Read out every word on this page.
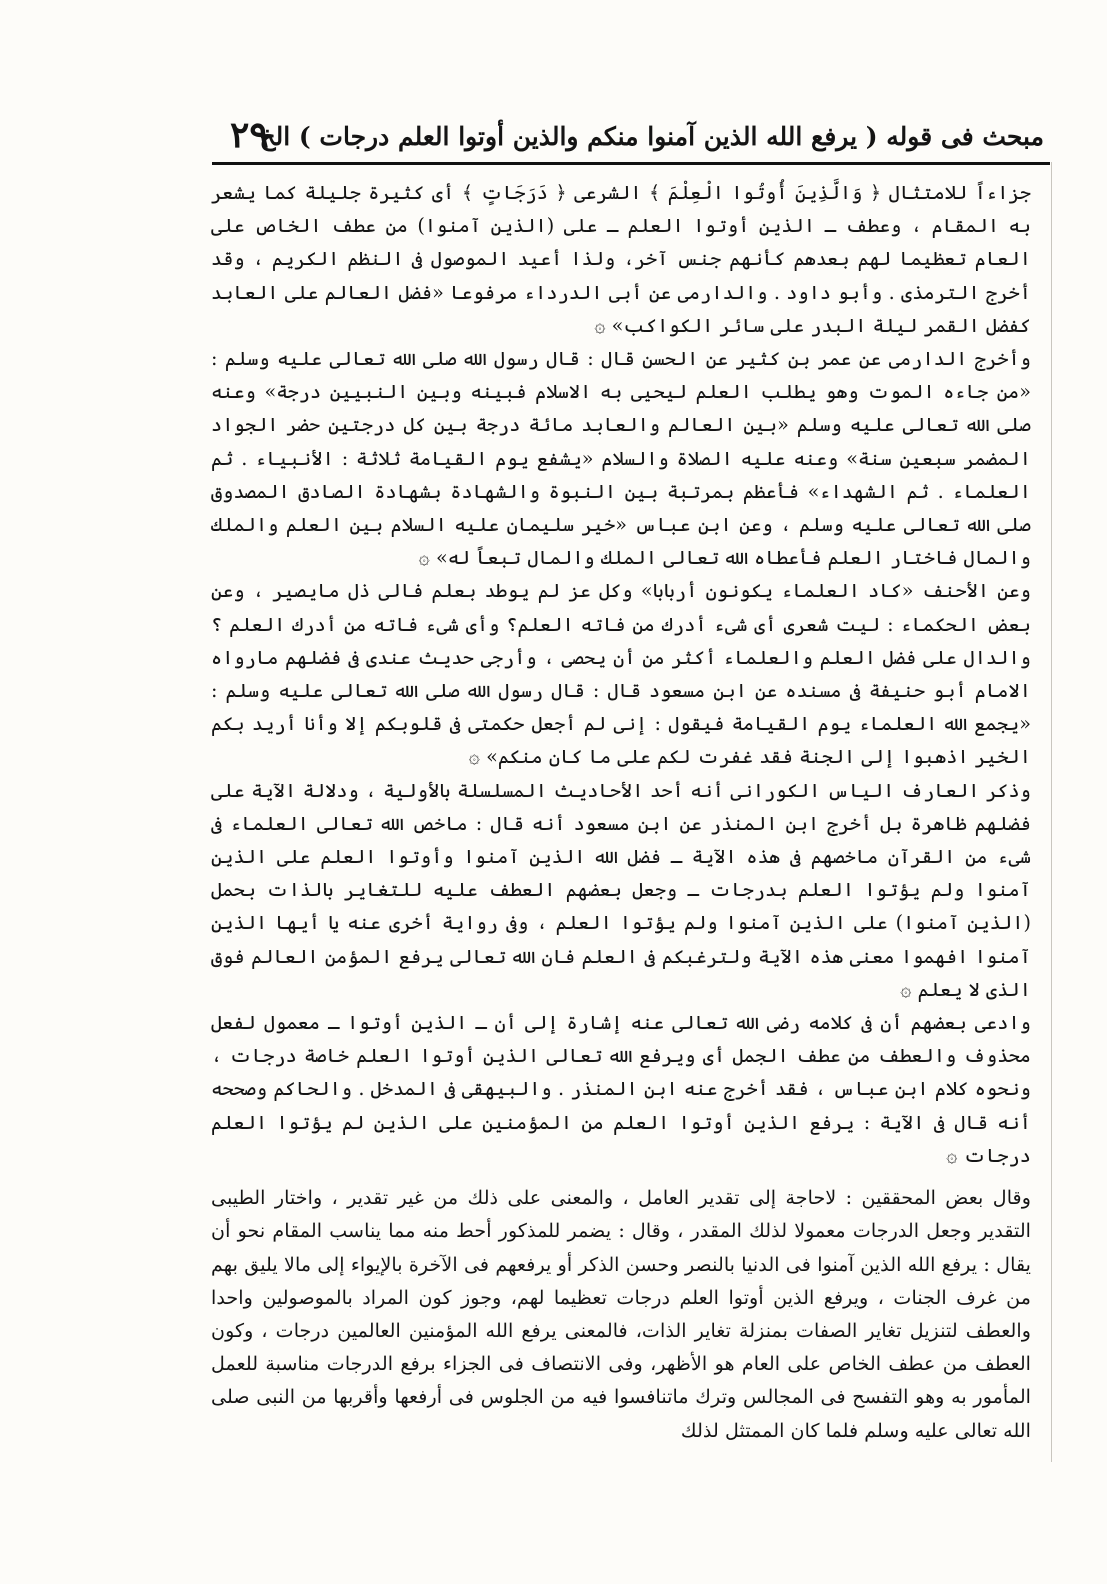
مبحث فى قوله ( يرفع الله الذين آمنوا منكم والذين أوتوا العلم درجات ) الخ
٢٩

جزاءاً للامتثال ﴿ وَالَّذِينَ أُوتُوا الْعِلْمَ ﴾ الشرعى ﴿ دَرَجَاتٍ ﴾ أى كثيرة جليلة كما يشعر به المقام ، وعطف ـ الذين أوتوا العلم ـ على (الذين آمنوا) من عطف الخاص على العام تعظيما لهم بعدهم كأنهم جنس آخر، ولذا أعيد الموصول فى النظم الكريم ، وقد أخرج الترمذى . وأبو داود . والدارمى عن أبى الدرداء مرفوعا «فضل العالم على العابد كفضل القمر ليلة البدر على سائر الكواكب» ۞

وأخرج الدارمى عن عمر بن كثير عن الحسن قال : قال رسول الله صلى الله تعالى عليه وسلم : «من جاءه الموت وهو يطلب العلم ليحيى به الاسلام فبينه وبين النبيين درجة» وعنه صلى الله تعالى عليه وسلم «بين العالم والعابد مائة درجة بين كل درجتين حضر الجواد المضمر سبعين سنة» وعنه عليه الصلاة والسلام «يشفع يوم القيامة ثلاثة : الأنبياء . ثم العلماء . ثم الشهداء» فأعظم بمرتبة بين النبوة والشهادة بشهادة الصادق المصدوق صلى الله تعالى عليه وسلم ، وعن ابن عباس «خير سليمان عليه السلام بين العلم والملك والمال فاختار العلم فأعطاه الله تعالى الملك والمال تبعاً له» ۞

وعن الأحنف «كاد العلماء يكونون أربابا» وكل عز لم يوطد بعلم فالى ذل مايصير ، وعن بعض الحكماء : ليت شعرى أى شىء أدرك من فاته العلم؟ وأى شىء فاته من أدرك العلم ؟ والدال على فضل العلم والعلماء أكثر من أن يحصى ، وأرجى حديث عندى فى فضلهم مارواه الامام أبو حنيفة فى مسنده عن ابن مسعود قال : قال رسول الله صلى الله تعالى عليه وسلم : «يجمع الله العلماء يوم القيامة فيقول : إنى لم أجعل حكمتى فى قلوبكم إلا وأنا أريد بكم الخير اذهبوا إلى الجنة فقد غفرت لكم على ما كان منكم» ۞

وذكر العارف الياس الكورانى أنه أحد الأحاديث المسلسلة بالأولية ، ودلالة الآية على فضلهم ظاهرة بل أخرج ابن المنذر عن ابن مسعود أنه قال : ماخص الله تعالى العلماء فى شىء من القرآن ماخصهم فى هذه الآية ـ فضل الله الذين آمنوا وأوتوا العلم على الذين آمنوا ولم يؤتوا العلم بدرجات ـ وجعل بعضهم العطف عليه للتغاير بالذات بحمل (الذين آمنوا) على الذين آمنوا ولم يؤتوا العلم ، وفى رواية أخرى عنه يا أيها الذين آمنوا افهموا معنى هذه الآية ولترغبكم فى العلم فان الله تعالى يرفع المؤمن العالم فوق الذى لا يعلم ۞

وادعى بعضهم أن فى كلامه رضى الله تعالى عنه إشارة إلى أن ـ الذين أوتوا ـ معمول لفعل محذوف والعطف من عطف الجمل أى ويرفع الله تعالى الذين أوتوا العلم خاصة درجات ، ونحوه كلام ابن عباس ، فقد أخرج عنه ابن المنذر . والبيهقى فى المدخل . والحاكم وصححه أنه قال فى الآية : يرفع الذين أوتوا العلم من المؤمنين على الذين لم يؤتوا العلم درجات ۞

وقال بعض المحققين : لاحاجة إلى تقدير العامل ، والمعنى على ذلك من غير تقدير ، واختار الطيبى التقدير وجعل الدرجات معمولا لذلك المقدر ، وقال : يضمر للمذكور أحط منه مما يناسب المقام نحو أن يقال : يرفع الله الذين آمنوا فى الدنيا بالنصر وحسن الذكر أو يرفعهم فى الآخرة بالإيواء إلى مالا يليق بهم من غرف الجنات ، ويرفع الذين أوتوا العلم درجات تعظيما لهم، وجوز كون المراد بالموصولين واحدا والعطف لتنزيل تغاير الصفات بمنزلة تغاير الذات، فالمعنى يرفع الله المؤمنين العالمين درجات ، وكون العطف من عطف الخاص على العام هو الأظهر، وفى الانتصاف فى الجزاء برفع الدرجات مناسبة للعمل المأمور به وهو التفسح فى المجالس وترك ماتنافسوا فيه من الجلوس فى أرفعها وأقربها من النبى صلى الله تعالى عليه وسلم فلما كان الممتثل لذلك
